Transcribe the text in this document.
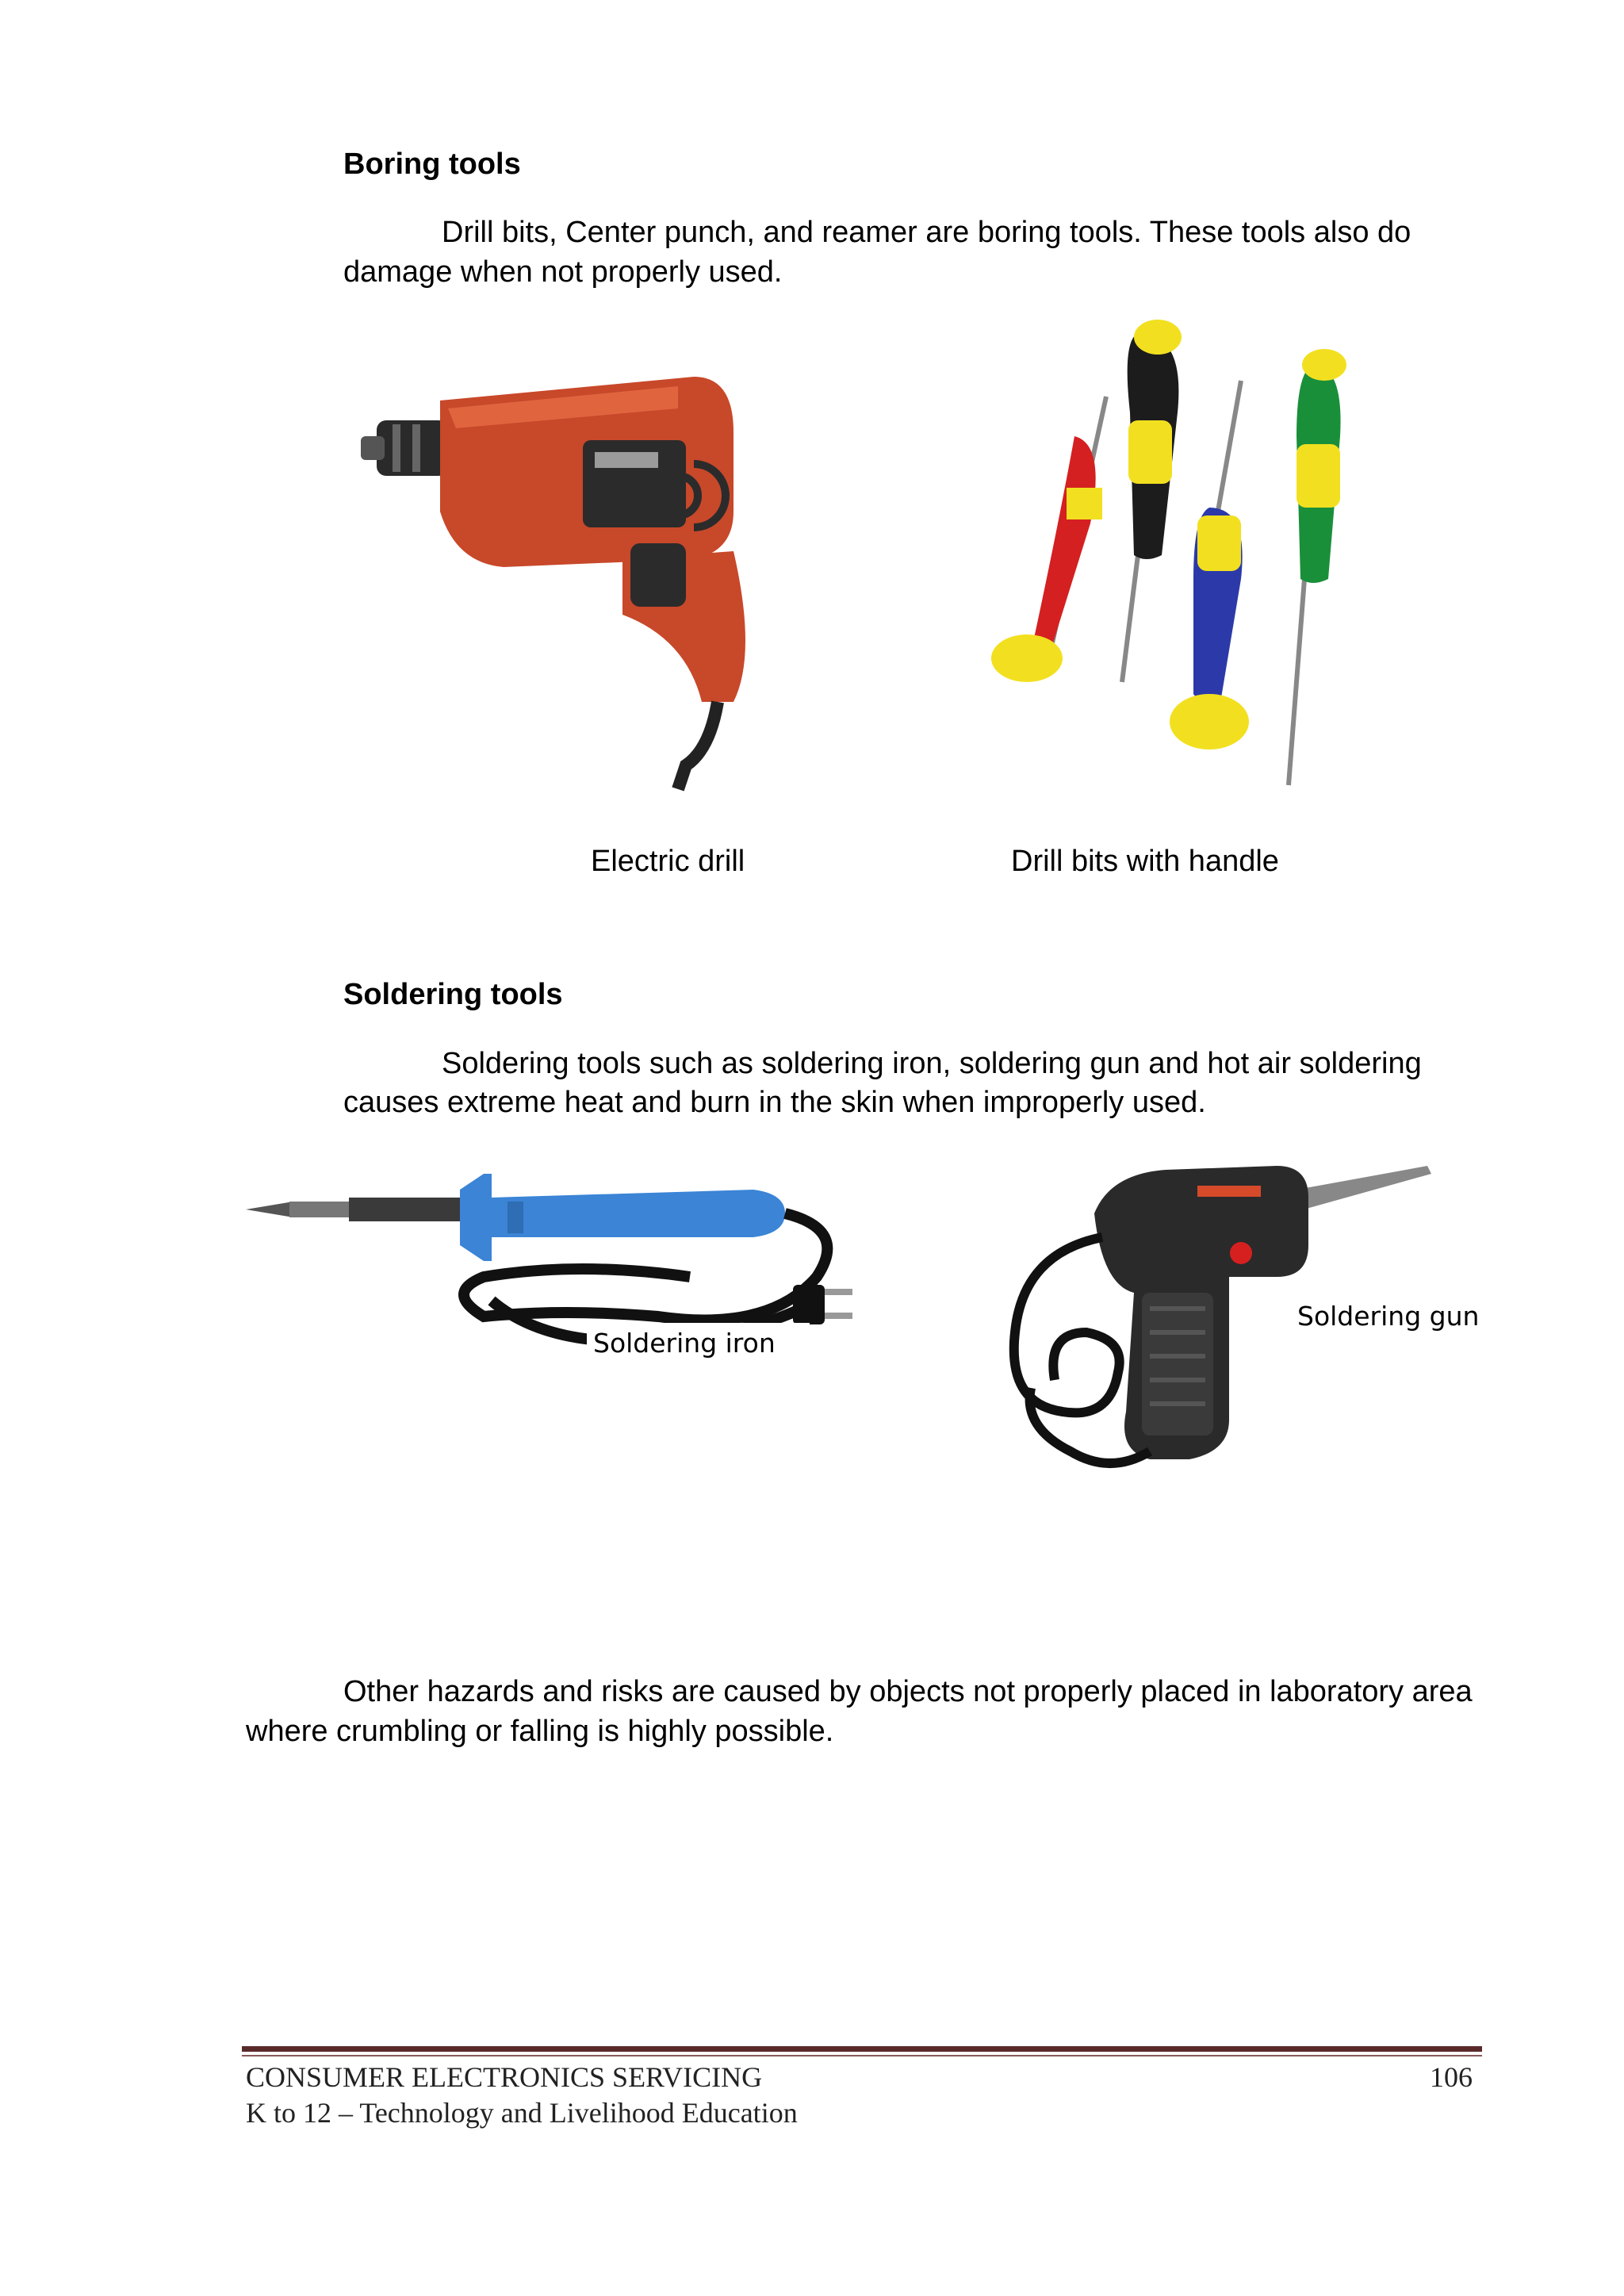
Boring tools
Drill bits, Center punch, and reamer are boring tools. These tools also do
damage when not properly used.
Electric drill	Drill bits with handle
Soldering tools
Soldering tools such as soldering iron, soldering gun and hot air soldering
causes extreme heat and burn in the skin when improperly used.
Soldering iron
Soldering gun
Other hazards and risks are caused by objects not properly placed in laboratory area
where crumbling or falling is highly possible.
CONSUMER ELECTRONICS SERVICING
K to 12 – Technology and Livelihood Education
106
